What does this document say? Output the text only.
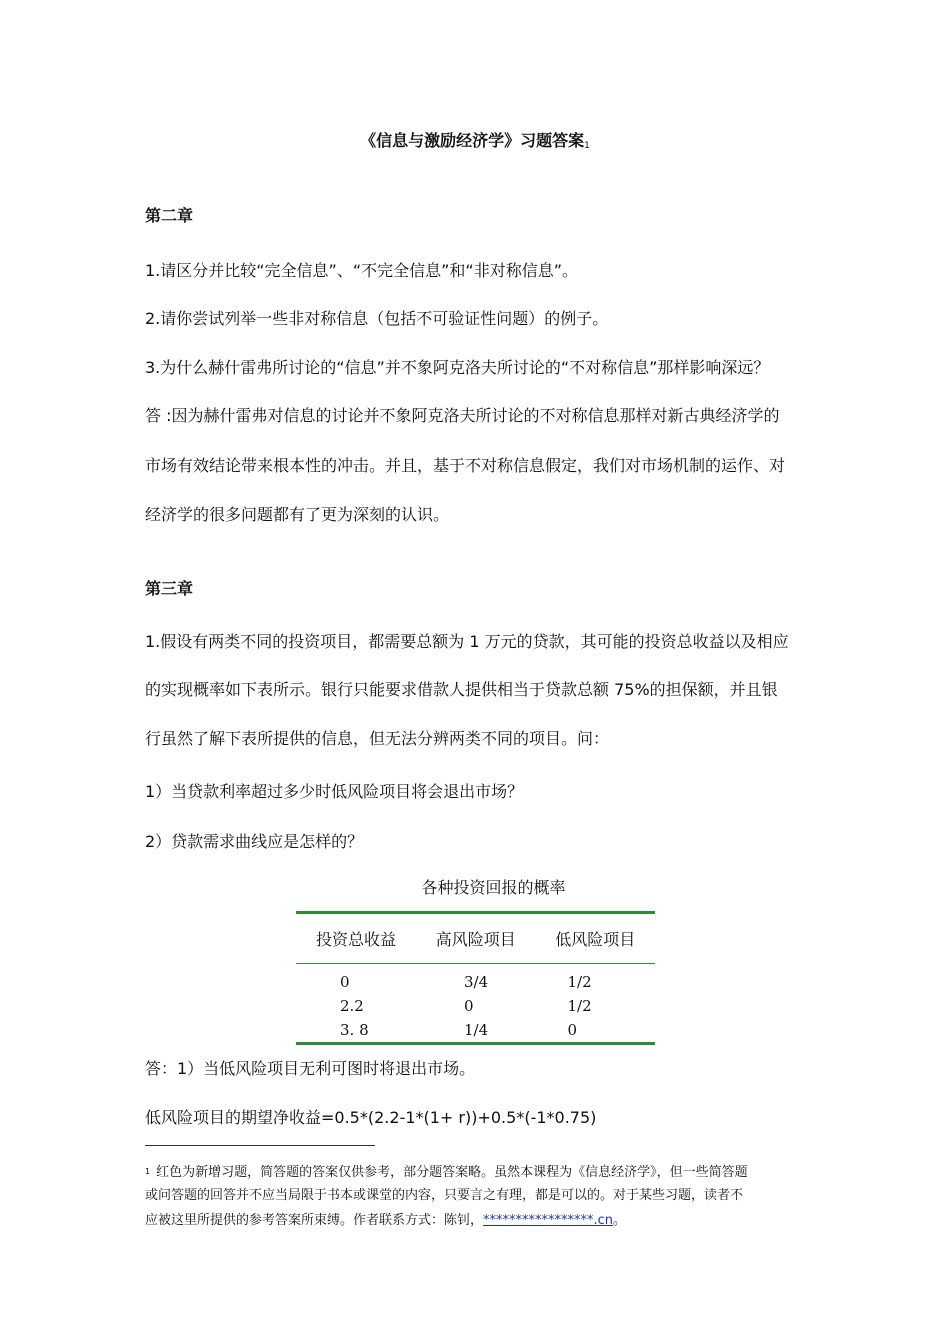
《信息与激励经济学》习题答案$^1$
第二章
1.请区分并比较“完全信息”、“不完全信息”和“非对称信息”。
2.请你尝试列举一些非对称信息（包括不可验证性问题）的例子。
3.为什么赫什雷弗所讨论的“信息”并不象阿克洛夫所讨论的“不对称信息”那样影响深远？
答 :因为赫什雷弗对信息的讨论并不象阿克洛夫所讨论的不对称信息那样对新古典经济学的
市场有效结论带来根本性的冲击。并且，基于不对称信息假定，我们对市场机制的运作、对
经济学的很多问题都有了更为深刻的认识。
第三章
1.假设有两类不同的投资项目，都需要总额为 1 万元的贷款，其可能的投资总收益以及相应
的实现概率如下表所示。银行只能要求借款人提供相当于贷款总额 75%的担保额，并且银
行虽然了解下表所提供的信息，但无法分辨两类不同的项目。问：
1）当贷款利率超过多少时低风险项目将会退出市场？
2）贷款需求曲线应是怎样的？
各种投资回报的概率
投资总收益	高风险项目	低风险项目
0	3/4	1/2
2.2	0	1/2
3. 8	1/4	0
答：1）当低风险项目无利可图时将退出市场。
低风险项目的期望净收益=0.5*(2.2-1*(1+ r))+0.5*(-1*0.75)
$^1$ 红色为新增习题，简答题的答案仅供参考，部分题答案略。虽然本课程为《信息经济学》，但一些简答题
或问答题的回答并不应当局限于书本或课堂的内容，只要言之有理，都是可以的。对于某些习题，读者不
应被这里所提供的参考答案所束缚。作者联系方式：陈钊，*****************.cn。
